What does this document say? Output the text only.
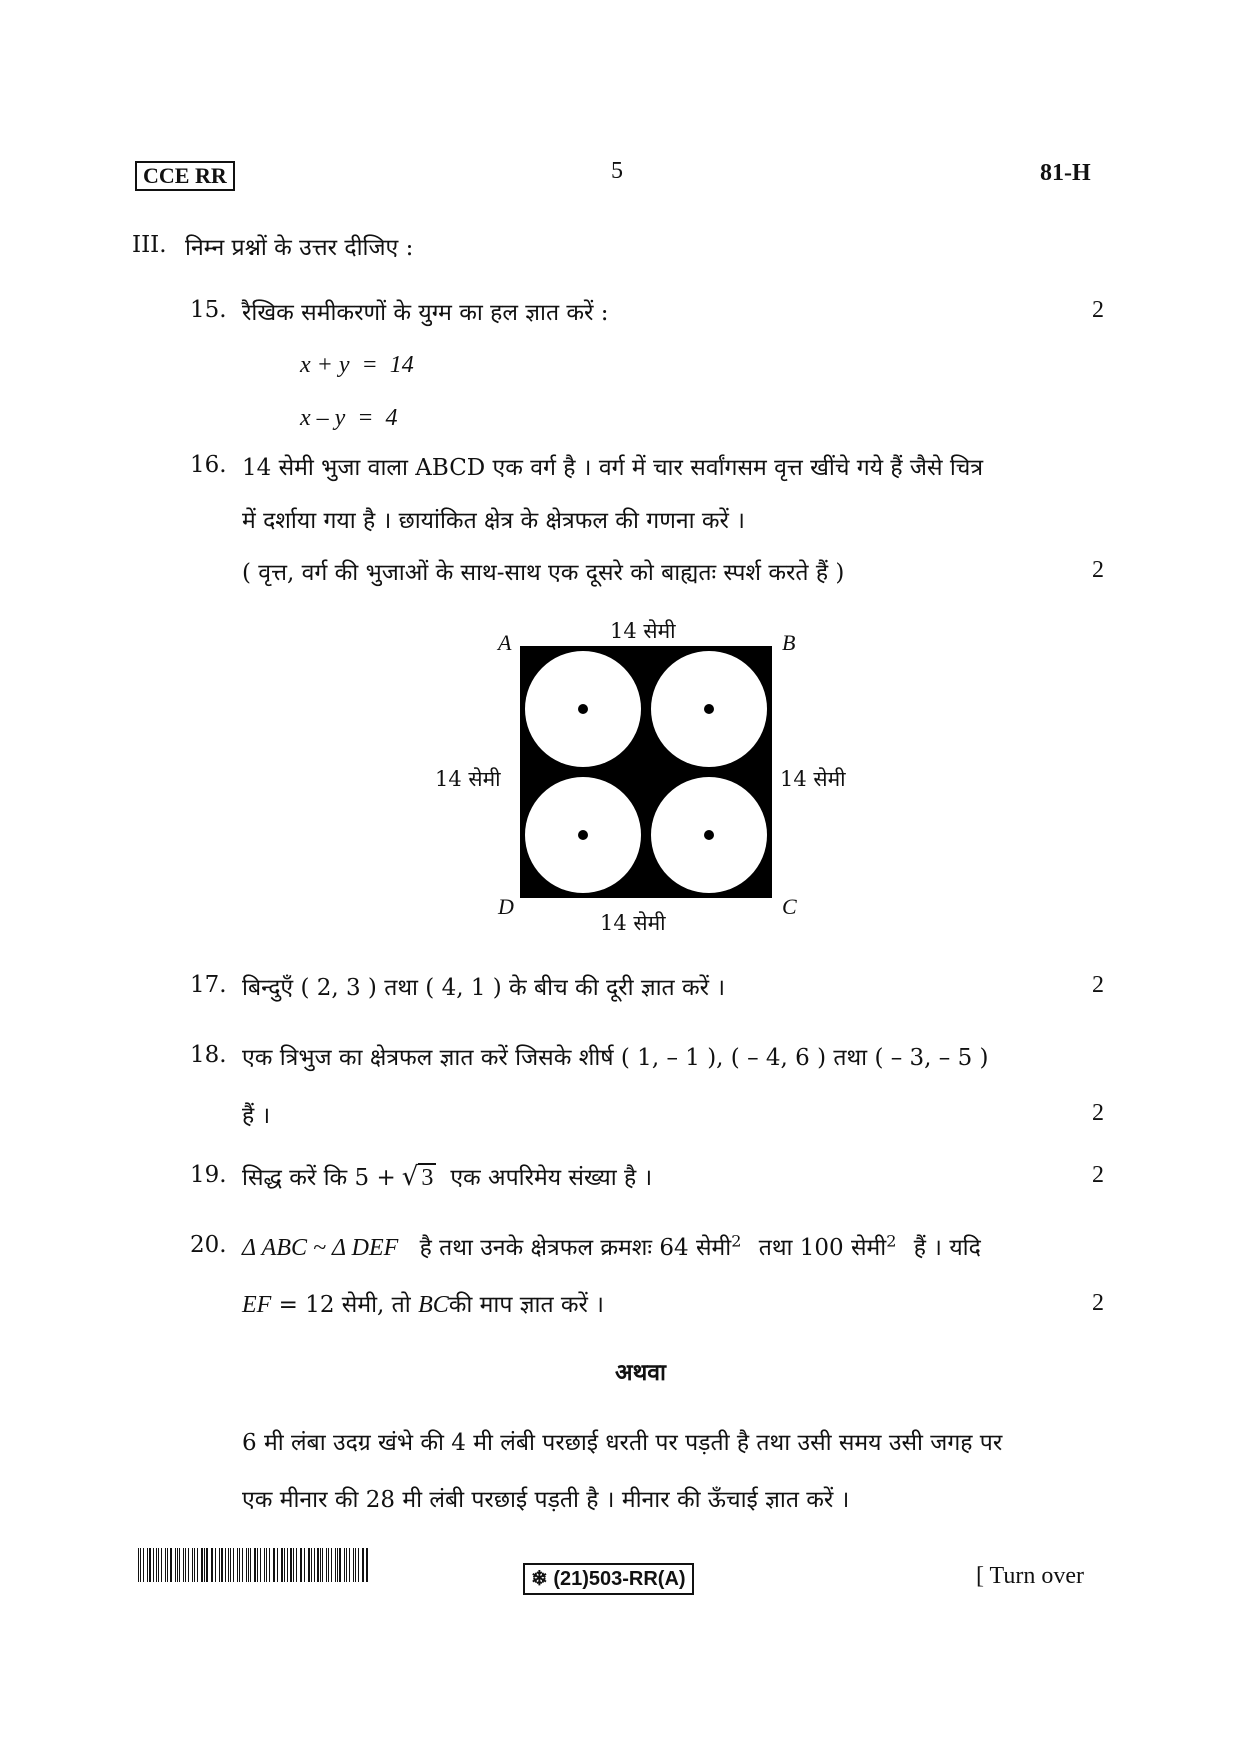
CCE RR	5	81-H
III. निम्न प्रश्नों के उत्तर दीजिए :
15. रैखिक समीकरणों के युग्म का हल ज्ञात करें :	2
x + y  =  14
x – y  =  4
16. 14 सेमी भुजा वाला ABCD एक वर्ग है । वर्ग में चार सर्वांगसम वृत्त खींचे गये हैं जैसे चित्र
में दर्शाया गया है । छायांकित क्षेत्र के क्षेत्रफल की गणना करें ।
( वृत्त, वर्ग की भुजाओं के साथ-साथ एक दूसरे को बाह्यतः स्पर्श करते हैं )	2
14 सेमी
14 सेमी	14 सेमी
14 सेमी
A	B
C
D
17. बिन्दुएँ ( 2, 3 ) तथा ( 4, 1 ) के बीच की दूरी ज्ञात करें ।	2
18. एक त्रिभुज का क्षेत्रफल ज्ञात करें जिसके शीर्ष ( 1, – 1 ), ( – 4, 6 ) तथा ( – 3, – 5 )
हैं ।	2
19. सिद्ध करें कि 5 + √ 3 एक अपरिमेय संख्या है ।	2
20. Δ ABC ~ Δ DEF है तथा उनके क्षेत्रफल क्रमशः 64 सेमी$^2$ तथा 100 सेमी$^2$ हैं । यदि
EF = 12 सेमी, तो BCकी माप ज्ञात करें ।	2
अथवा
6 मी लंबा उदग्र खंभे की 4 मी लंबी परछाई धरती पर पड़ती है तथा उसी समय उसी जगह पर
एक मीनार की 28 मी लंबी परछाई पड़ती है । मीनार की ऊँचाई ज्ञात करें ।
❄ (21)503-RR(A)	[ Turn over
